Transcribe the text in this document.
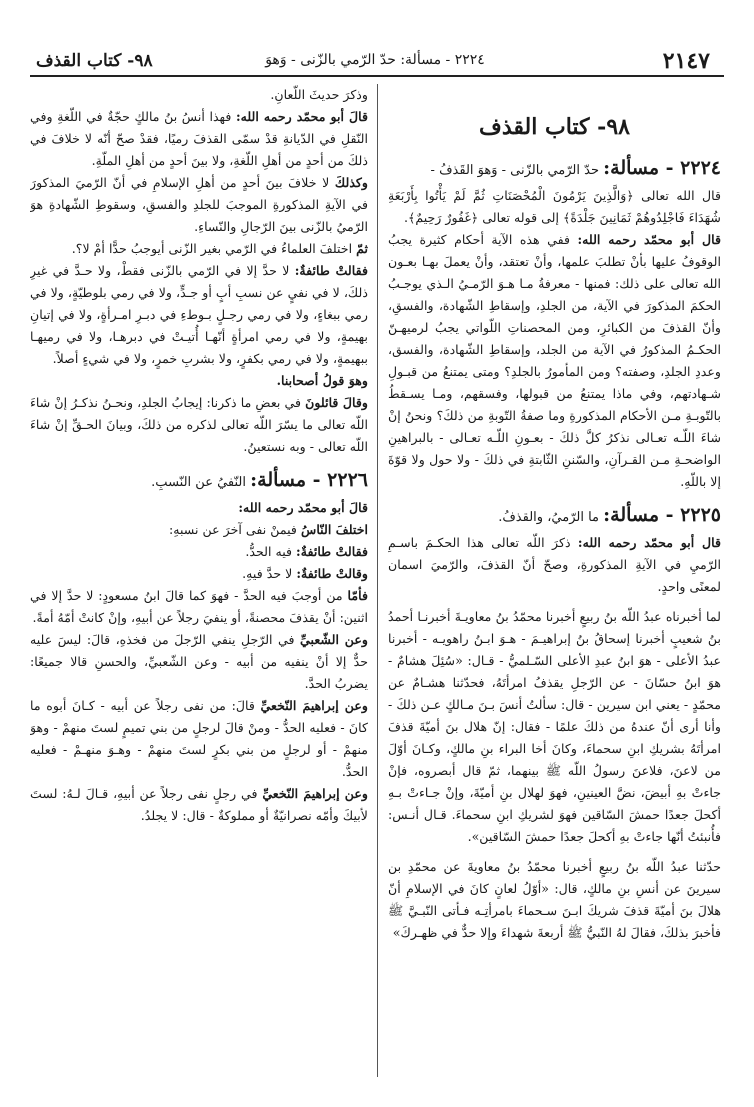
٢١٤٧
٢٢٢٤ - مسألة: حدّ الرّمي بالزّنى - وَهوَ
٩٨- كتاب القذف
٩٨- كتاب القذف

٢٢٢٤ - مسألة: حدّ الرّمي بالزّنى - وَهوَ القَذفُ -

قال الله تعالى ﴿وَالَّذِينَ يَرْمُونَ الْمُحْصَنَاتِ ثُمَّ لَمْ يَأْتُوا بِأَرْبَعَةِ شُهَدَاءَ فَاجْلِدُوهُمْ ثَمَانِينَ جَلْدَةً﴾ إلى قوله تعالى ﴿غَفُورٌ رَحِيمٌ﴾.

قال أبو محمّد رحمه الله: ففي هذه الآية أحكام كثيرة يجبُ الوقوفُ عليها بأنْ تطلبَ علمها، وأنْ تعتقد، وأنْ يعملَ بهـا بعـون الله تعالى على ذلك: فمنها - معرفةُ مـا هـوَ الرّمـيُ الـذي يوجـبُ الحكمَ المذكورَ في الآية، من الجلدِ، وإسقاطِ الشّهادة، والفسقِ، وأنّ القذفَ من الكبائرِ، ومن المحصناتِ اللّواتي يجبُ لرميهـنّ الحكـمُ المذكورُ في الآية من الجلد، وإسقاطِ الشّهادة، والفسق، وعددِ الجلدِ، وصفته؟ ومن المأمورُ بالجلدِ؟ ومتى يمتنعُ من قبـولِ شـهادتهم، وفي ماذا يمتنعُ من قبولها، وفسقهم، ومـا يسـقطُ بالتّوبـةِ مـن الأحكام المذكورةِ وما صفةُ التّوبةِ من ذلكَ؟ ونحنُ إنْ شاءَ اللّـه تعـالى نذكرُ كلَّ ذلكَ - بعـونِ اللّـه تعـالى - بالبراهينِ الواضحـةِ مـن القـرآنِ، والسّننِ الثّابتةِ في ذلكَ - ولا حول ولا قوّةَ إلا باللّهِ.

٢٢٢٥ - مسألة: ما الرّميُ، والقذفُ.

قال أبو محمّد رحمه الله: ذكرَ اللّه تعالى هذا الحكـمَ باسـمِ الرّميِ في الآيةِ المذكورةِ، وصحّ أنّ القذفَ، والرّميَ اسمان لمعنًى واحدٍ.

لما أخبرناه عبدُ اللّه بنُ ربيعٍ أخبرنا محمّدُ بنُ معاويـةَ أخبرنـا أحمدُ بنُ شعيبٍ أخبرنا إسحاقُ بنُ إبراهيـمَ - هـوَ ابـنُ راهويـه - أخبرنا عبدُ الأعلى - هوَ ابنُ عبدِ الأعلى السّـلميُّ - قـال: «سُئِلَ هشامٌ - هوَ ابنُ حسّانَ - عن الرّجلِ يقذفُ امرأتَهُ، فحدّثنا هشـامٌ عن محمّدٍ - يعني ابن سيرين - قال: سألتُ أنسَ بـنَ مـالكٍ عـن ذلكَ - وأنا أرى أنّ عندهُ من ذلكَ علمًا - فقال: إنّ هلال بنَ أميّةَ قذفَ امرأتَهُ بشريكِ ابنِ سحماءَ، وكانَ أخا البراء بنِ مالكٍ، وكـانَ أوّلَ من لاعنَ، فلاعنَ رسولُ اللّه ﷺ بينهما، ثمّ قال أبصروه، فإنْ جاءتْ بهِ أبيضَ، نضَّ العينينِ، فهوَ لهلال بنِ أميّةَ، وإنْ جـاءتْ بـهِ أكحلَ جعدًا حمشَ السّاقين فهوَ لشريكِ ابنِ سحماءَ. قـال أنـس: فأُنبئتُ أنّها جاءتْ بهِ أكحلَ جعدًا حمشَ السّاقين».

حدّثنا عبدُ اللّه بنُ ربيعٍ أخبرنا محمّدُ بنُ معاويةَ عن محمّدِ بن سيرينَ عن أنسِ بنِ مالكٍ، قال: «أوّلُ لعانٍ كانَ في الإسلامِ أنّ هلالَ بنَ أميّةَ قذفَ شريكَ ابـنَ سـحماءَ بامرأتِـه فـأتى النّبـيَّ ﷺ فأخبرَ بذلكَ، فقالَ لهُ النّبيُّ ﷺ أربعةَ شهداءَ وإلا حدٌّ في ظهـركَ»

وذكرَ حديثَ اللّعانِ.

قالَ أبو محمّد رحمه الله: فهذا أنسُ بنُ مالكٍ حجّةٌ في اللّغةِ وفي النّقلِ في الدّيانةِ قدْ سمّى القذفَ رميًا، فقدْ صحّ أنّه لا خلافَ في ذلكَ من أحدٍ من أهلِ اللّغةِ، ولا بينَ أحدٍ من أهلِ الملّةِ.

وكذلكَ لا خلافَ بينَ أحدٍ من أهلِ الإسلامِ في أنّ الرّميَ المذكورَ في الآيةِ المذكورةِ الموجبَ للجلدِ والفسقِ، وسقوطِ الشّهادةِ هوَ الرّميُ بالزّنى بينَ الرّجالِ والنّساءِ.

ثمّ اختلفَ العلماءُ في الرّمي بغير الزّنى أيوجبُ حدًّا أمْ لا؟.

فقالتْ طائفةٌ: لا حدَّ إلا في الرّمي بالزّنى فقطْ، ولا حـدَّ في غيرِ ذلكَ، لا في نفيٍ عن نسبِ أبٍ أو جـدٍّ، ولا في رمي بلوطيّةٍ، ولا في رمي ببغاءٍ، ولا في رمي رجـلٍ بـوطءِ في دبـرِ امـرأةٍ، ولا في إتيانِ بهيمةٍ، ولا في رمي امرأةٍ أنّهـا أُتيـتْ في دبرهـا، ولا في رميهـا ببهيمةٍ، ولا في رمي بكفرٍ، ولا بشربِ خمرٍ، ولا في شيءٍ أصلاً.

وهوَ قولُ أصحابنا.

وقالَ قائلونَ في بعضِ ما ذكرنا: إيجابُ الجلدِ، ونحـنُ نذكـرُ إنْ شاءَ اللّه تعالى ما يسّرَ اللّه تعالى لذكره من ذلكَ، وبيانَ الحـقِّ إنْ شاءَ اللّه تعالى - وبه نستعينُ.

٢٢٢٦ - مسألة: النّفيُ عن النّسبِ.

قالَ أبو محمّد رحمه الله:

اختلفَ النّاسُ فيمنْ نفى آخرَ عن نسبهِ:

فقالتْ طائفةٌ: فيه الحدُّ.

وقالتْ طائفةٌ: لا حدَّ فيهِ.

فأمّا من أوجبَ فيه الحدَّ - فهوَ كما قالَ ابنُ مسعودٍ: لا حدَّ إلا في اثنين: أنْ يقذفَ محصنةً، أو ينفيَ رجلاً عن أبيهِ، وإنْ كانتْ أمّهُ أمةً.

وعن الشّعبيِّ في الرّجلِ ينفي الرّجلَ من فخذهِ، قالَ: ليسَ عليه حدٌّ إلا أنْ ينفيه من أبيه - وعن الشّعبيِّ، والحسنِ قالا جميعًا: يضربُ الحدَّ.

وعن إبراهيمَ النّخعيِّ قالَ: من نفى رجلاً عن أبيه - كـانَ أبوه ما كانَ - فعليه الحدُّ - ومنْ قالَ لرجلٍ من بني تميمٍ لستَ منهمْ - وهوَ منهمْ - أو لرجلٍ من بني بكرٍ لستَ منهمْ - وهـوَ منهـمْ - فعليه الحدُّ.

وعن إبراهيمَ النّخعيِّ في رجلٍ نفى رجلاً عن أبيهِ، قـالَ لـهُ: لستَ لأبيكَ وأمّه نصرانيّةٌ أو مملوكةٌ - قال: لا يجلدُ.
